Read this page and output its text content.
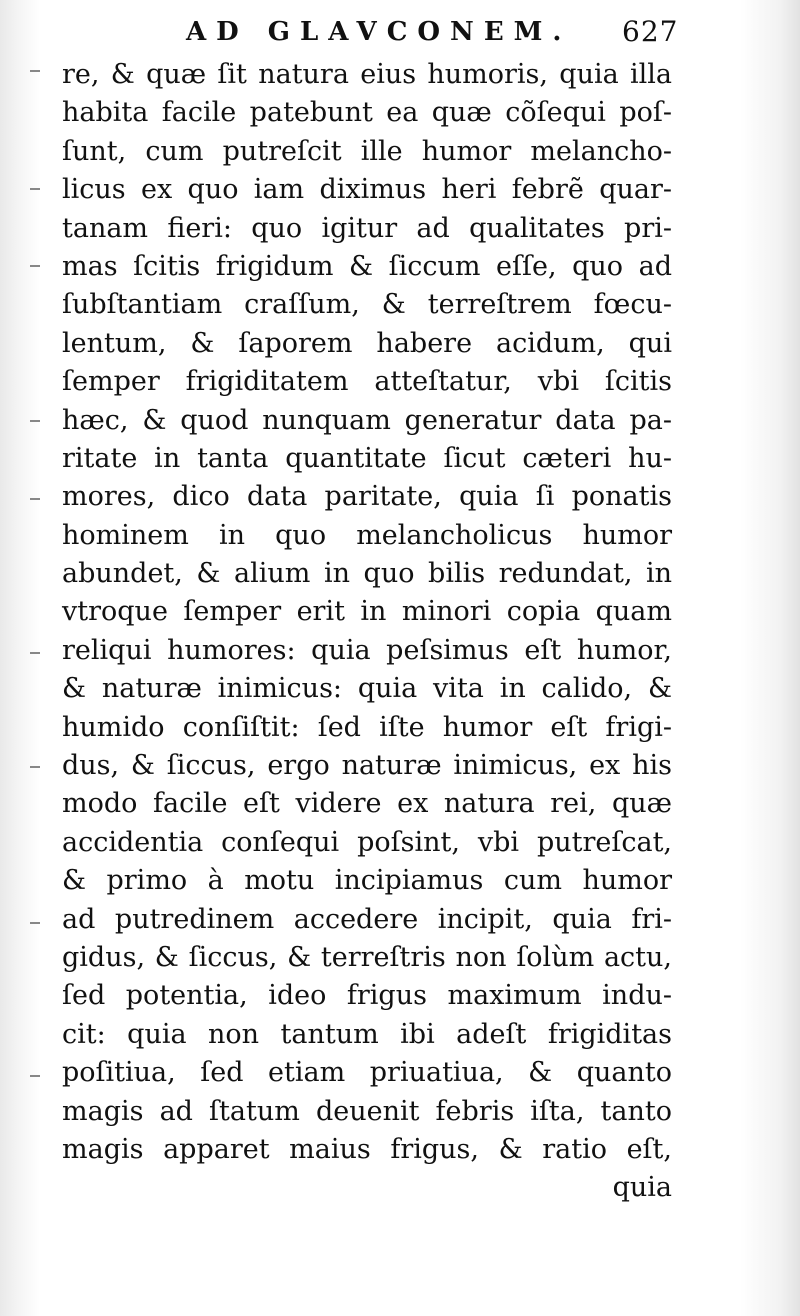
AD GLAVCONEM. 627
re, & quæ ſit natura eius humoris, quia illa
habita facile patebunt ea quæ cõſequi poſ-
ſunt, cum putreſcit ille humor melancho-
licus ex quo iam diximus heri febrẽ quar-
tanam fieri: quo igitur ad qualitates pri-
mas ſcitis frigidum & ſiccum eſſe, quo ad
ſubſtantiam craſſum, & terreſtrem fœcu-
lentum, & ſaporem habere acidum, qui
ſemper frigiditatem atteſtatur, vbi ſcitis
hæc, & quod nunquam generatur data pa-
ritate in tanta quantitate ſicut cæteri hu-
mores, dico data paritate, quia ſi ponatis
hominem in quo melancholicus humor
abundet, & alium in quo bilis redundat, in
vtroque ſemper erit in minori copia quam
reliqui humores: quia peſsimus eſt humor,
& naturæ inimicus: quia vita in calido, &
humido conſiſtit: ſed iſte humor eſt frigi-
dus, & ſiccus, ergo naturæ inimicus, ex his
modo facile eſt videre ex natura rei, quæ
accidentia conſequi poſsint, vbi putreſcat,
& primo à motu incipiamus cum humor
ad putredinem accedere incipit, quia fri-
gidus, & ſiccus, & terreſtris non ſolùm actu,
ſed potentia, ideo frigus maximum indu-
cit: quia non tantum ibi adeſt frigiditas
poſitiua, ſed etiam priuatiua, & quanto
magis ad ſtatum deuenit febris iſta, tanto
magis apparet maius frigus, & ratio eſt,
quia
